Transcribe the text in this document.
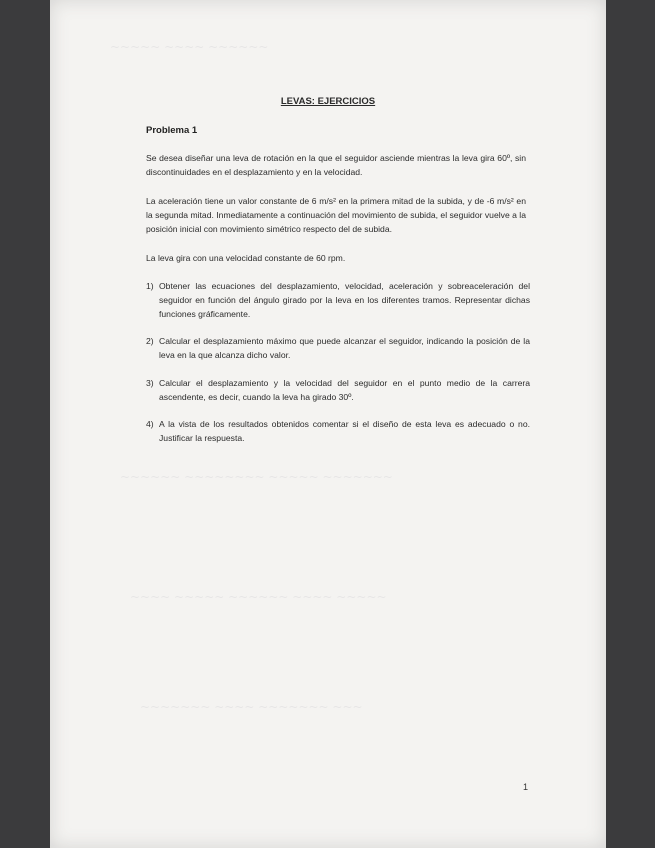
~~~~~ ~~~~ ~~~~~~
~~~~~~ ~~~~~~~~ ~~~~~ ~~~~~~~
~~~~ ~~~~~ ~~~~~~ ~~~~ ~~~~~
~~~~~~~ ~~~~ ~~~~~~~ ~~~
LEVAS: EJERCICIOS
Problema 1
Se desea diseñar una leva de rotación en la que el seguidor asciende mientras la leva gira 60º, sin discontinuidades en el desplazamiento y en la velocidad.
La aceleración tiene un valor constante de 6 m/s² en la primera mitad de la subida, y de -6 m/s² en la segunda mitad. Inmediatamente a continuación del movimiento de subida, el seguidor vuelve a la posición inicial con movimiento simétrico respecto del de subida.
La leva gira con una velocidad constante de 60 rpm.
1) Obtener las ecuaciones del desplazamiento, velocidad, aceleración y sobreaceleración del seguidor en función del ángulo girado por la leva en los diferentes tramos. Representar dichas funciones gráficamente.
2) Calcular el desplazamiento máximo que puede alcanzar el seguidor, indicando la posición de la leva en la que alcanza dicho valor.
3) Calcular el desplazamiento y la velocidad del seguidor en el punto medio de la carrera ascendente, es decir, cuando la leva ha girado 30º.
4) A la vista de los resultados obtenidos comentar si el diseño de esta leva es adecuado o no. Justificar la respuesta.
1
